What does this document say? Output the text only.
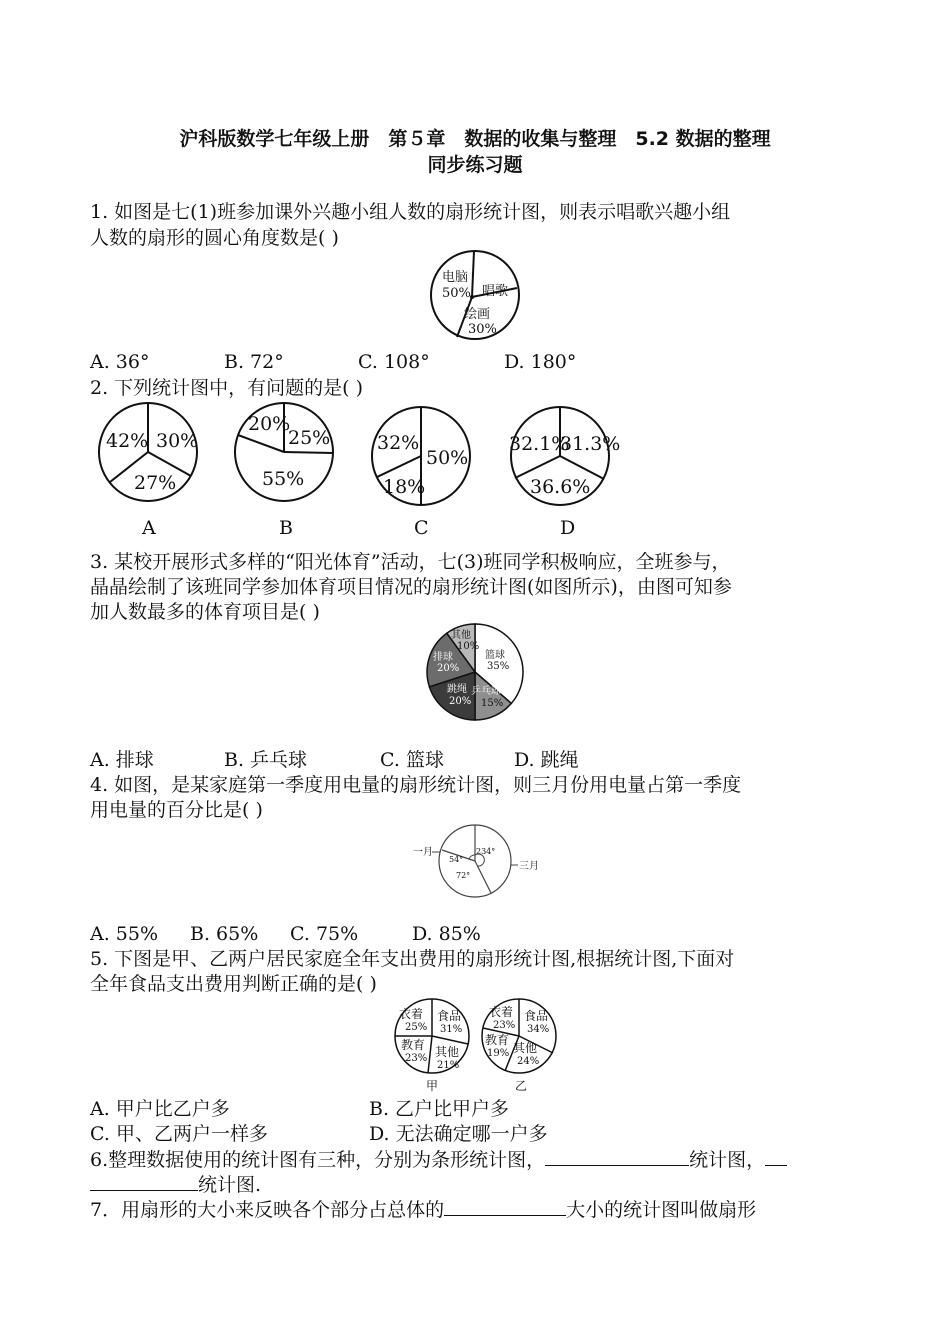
沪科版数学七年级上册　第５章　数据的收集与整理　5.2 数据的整理
同步练习题
1. 如图是七(1)班参加课外兴趣小组人数的扇形统计图，则表示唱歌兴趣小组
人数的扇形的圆心角度数是( )
电脑
50% 唱歌
绘画
30%
A. 36°	B. 72°	C. 108°	D. 180°
2. 下列统计图中，有问题的是( )
42% 30%
27%
A
20%
25%
55%
B
32%
50%
18%
C
32.1%
31.3%
36.6%
D
3. 某校开展形式多样的“阳光体育”活动，七(3)班同学积极响应，全班参与，
晶晶绘制了该班同学参加体育项目情况的扇形统计图(如图所示)，由图可知参
加人数最多的体育项目是( )
篮球
35%
乒乓球
15%
跳绳
20%
排球
20%
其他
10%
A. 排球	B. 乒乓球	C. 篮球	D. 跳绳
4. 如图，是某家庭第一季度用电量的扇形统计图，则三月份用电量占第一季度
用电量的百分比是( )
一月
三月
54°
234°
72°
A. 55% B. 65% C. 75%	D. 85%
5. 下图是甲、乙两户居民家庭全年支出费用的扇形统计图,根据统计图,下面对
全年食品支出费用判断正确的是( )
衣着
25%
食品
31%
教育
23% 其他
21%
甲
衣着
23%
食品
34%
教育
19% 其他
24%
乙
A. 甲户比乙户多	B. 乙户比甲户多
C. 甲、乙两户一样多	D. 无法确定哪一户多
6.整理数据使用的统计图有三种，分别为条形统计图，	统计图，
统计图.
7．用扇形的大小来反映各个部分占总体的	大小的统计图叫做扇形
